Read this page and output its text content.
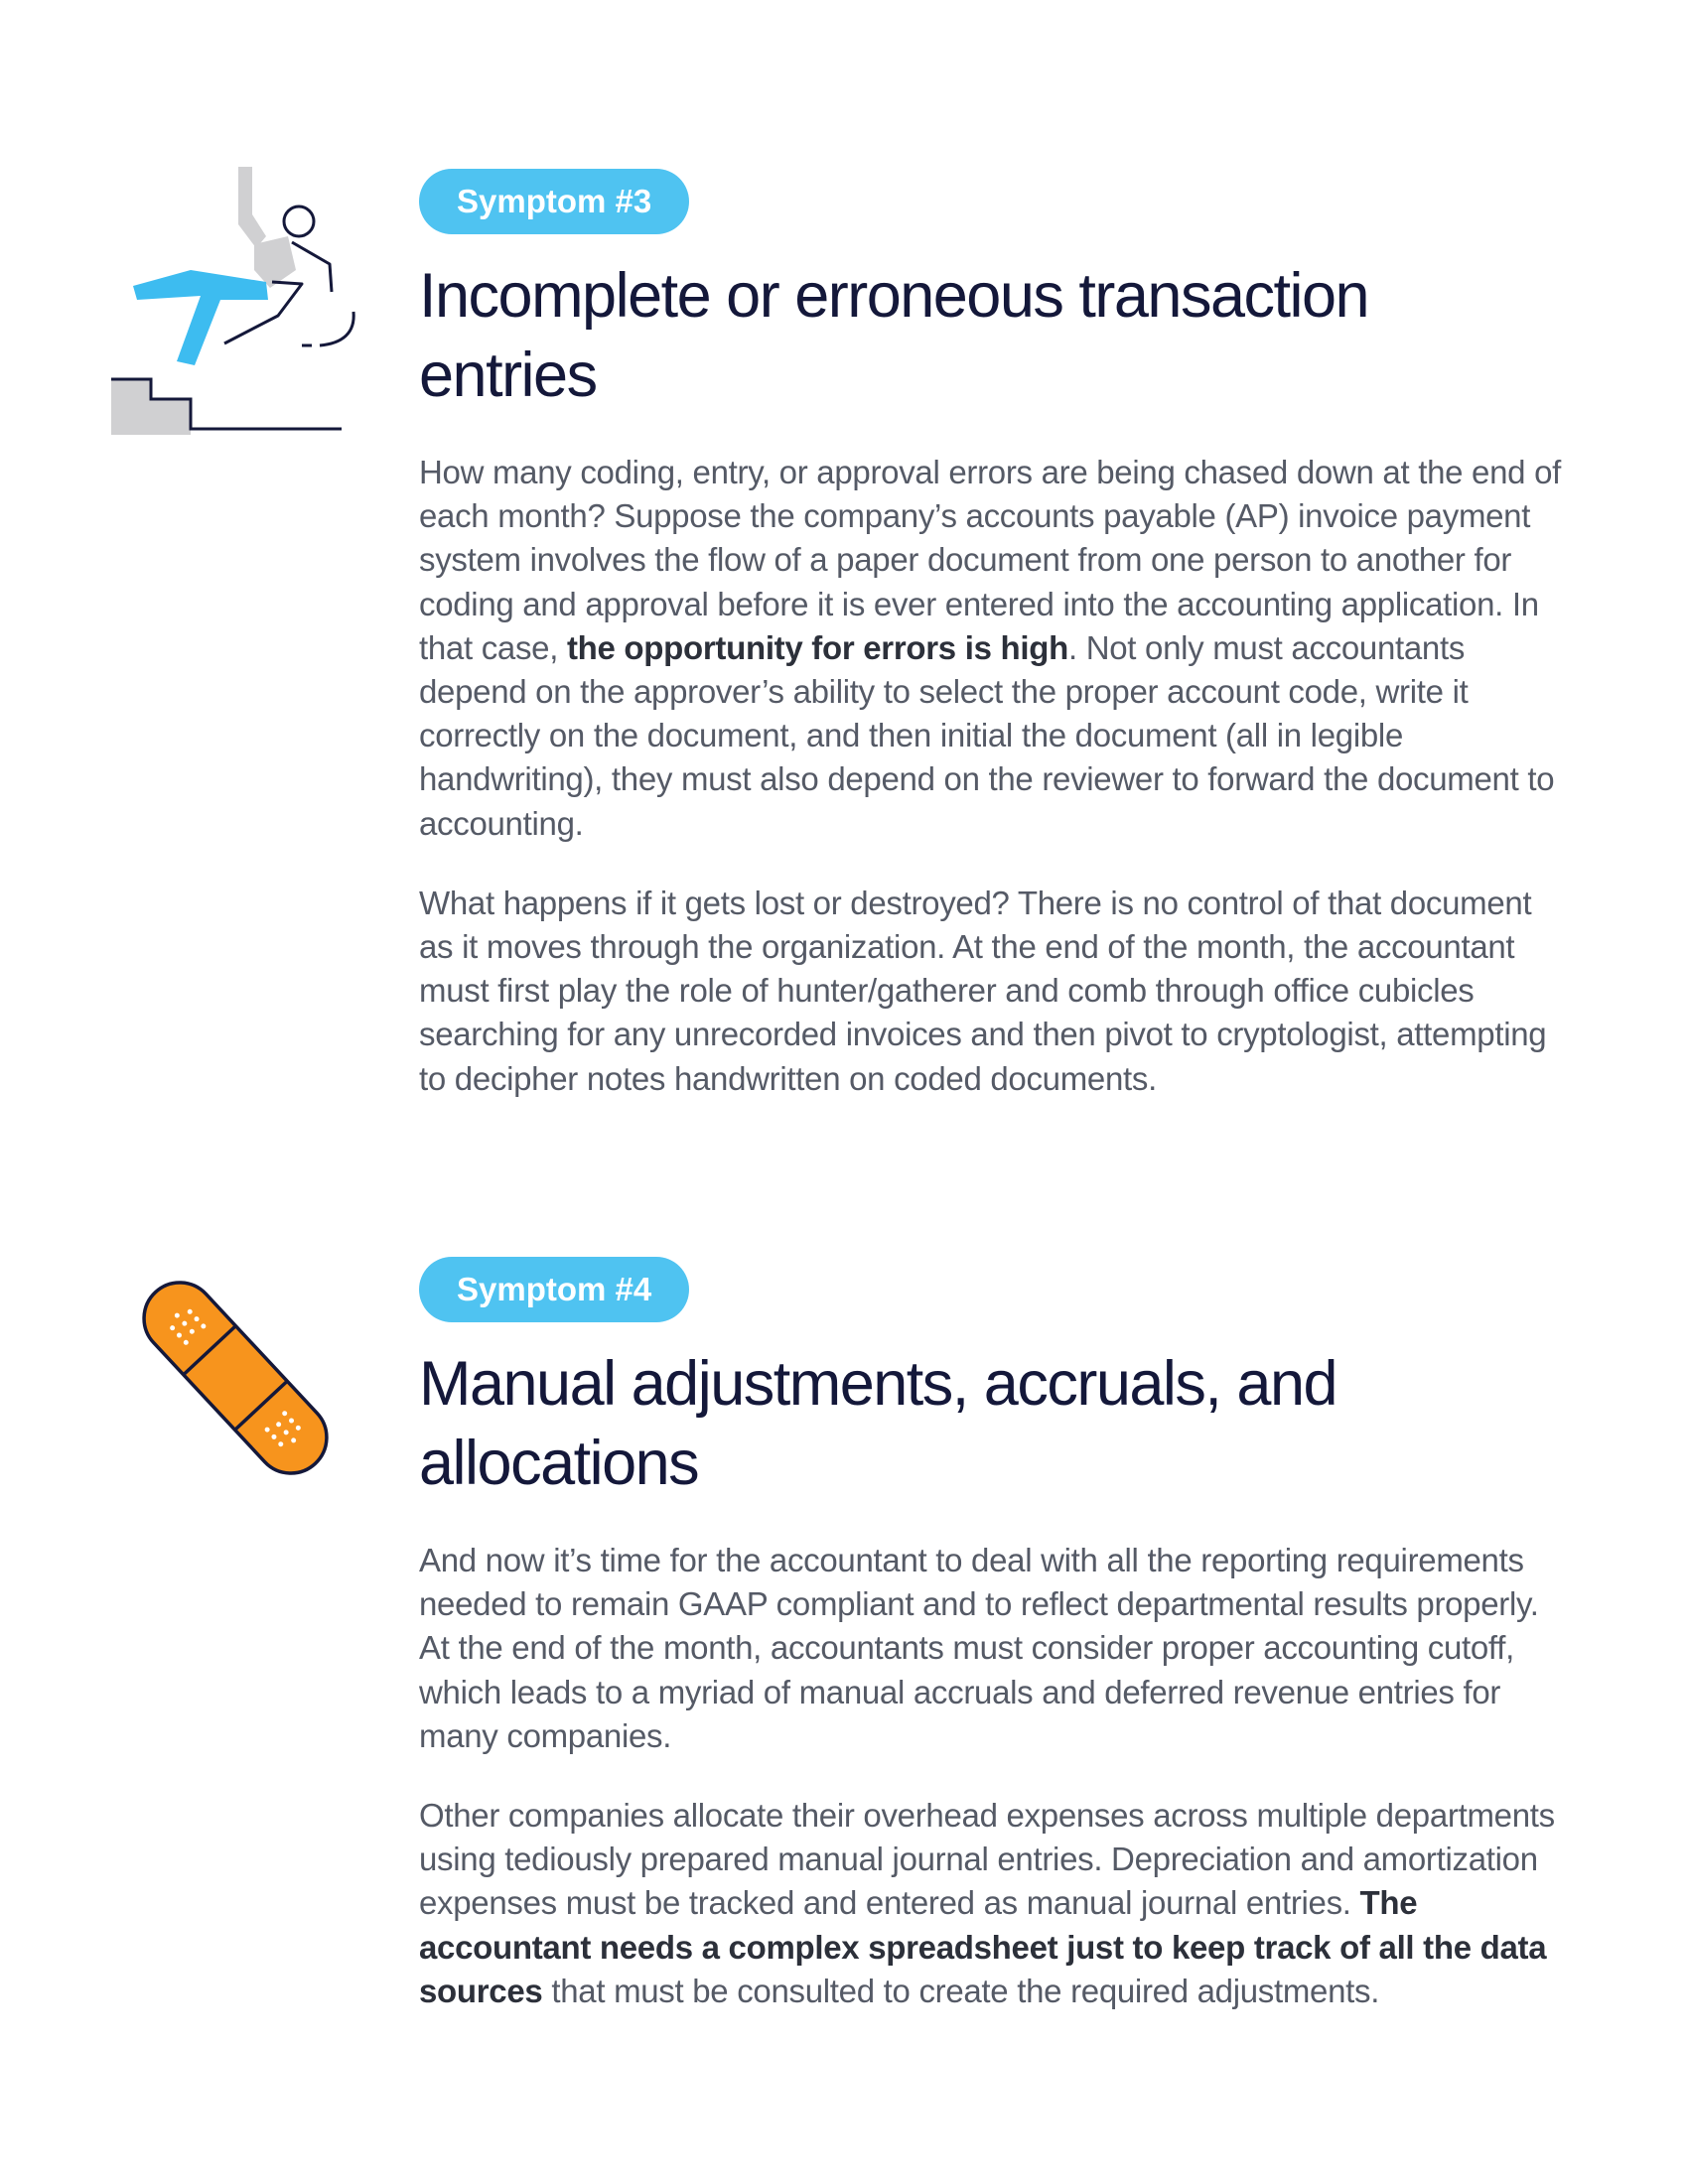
Symptom #3
Incomplete or erroneous transaction entries

How many coding, entry, or approval errors are being chased down at the end of each month? Suppose the company’s accounts payable (AP) invoice payment system involves the flow of a paper document from one person to another for coding and approval before it is ever entered into the accounting application. In that case, the opportunity for errors is high. Not only must accountants depend on the approver’s ability to select the proper account code, write it correctly on the document, and then initial the document (all in legible handwriting), they must also depend on the reviewer to forward the document to accounting.

What happens if it gets lost or destroyed? There is no control of that document as it moves through the organization. At the end of the month, the accountant must first play the role of hunter/gatherer and comb through office cubicles searching for any unrecorded invoices and then pivot to cryptologist, attempting to decipher notes handwritten on coded documents.

Symptom #4
Manual adjustments, accruals, and allocations

And now it’s time for the accountant to deal with all the reporting requirements needed to remain GAAP compliant and to reflect departmental results properly. At the end of the month, accountants must consider proper accounting cutoff, which leads to a myriad of manual accruals and deferred revenue entries for many companies.

Other companies allocate their overhead expenses across multiple departments using tediously prepared manual journal entries. Depreciation and amortization expenses must be tracked and entered as manual journal entries. The accountant needs a complex spreadsheet just to keep track of all the data sources that must be consulted to create the required adjustments.
